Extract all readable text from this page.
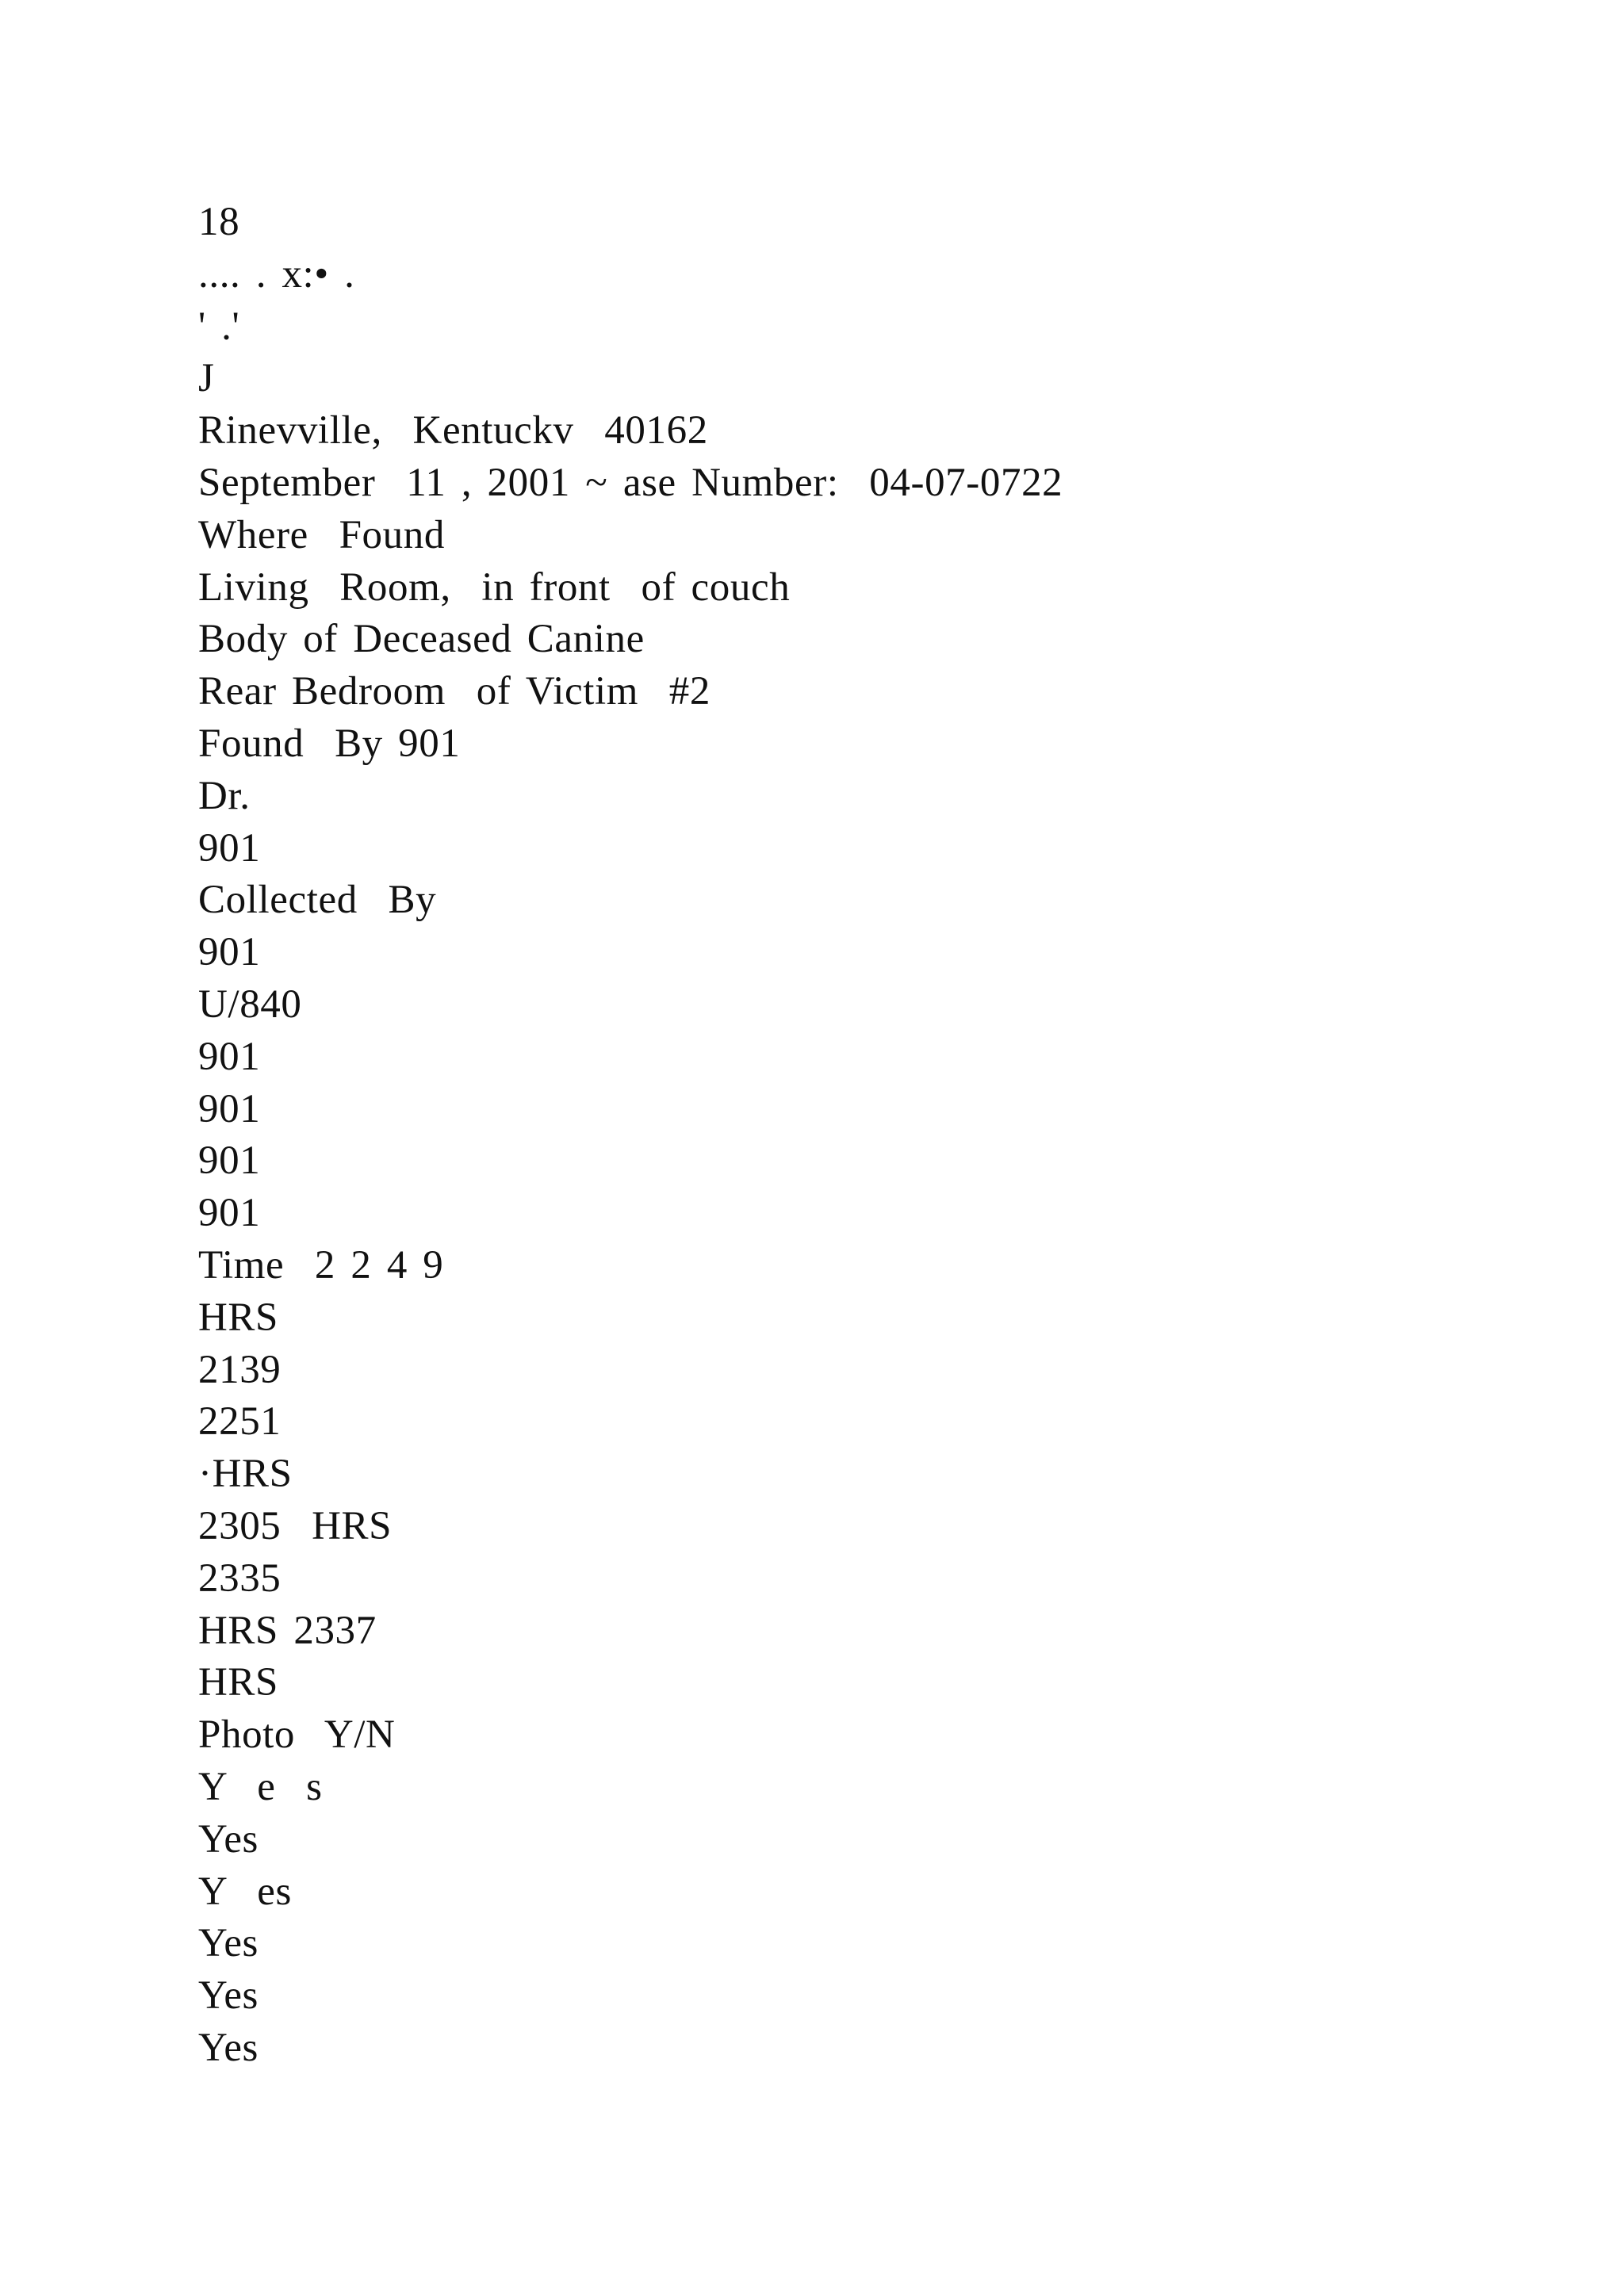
18
.... . x:• .
' .'
J
Rinevville,  Kentuckv  40162
September  11 , 2001 ~ ase Number:  04-07-0722
Where  Found
Living  Room,  in front  of couch
Body of Deceased Canine
Rear Bedroom  of Victim  #2
Found  By 901
Dr.
901
Collected  By
901
U/840
901
901
901
901
Time  2 2 4 9
HRS
2139
2251
·HRS
2305  HRS
2335
HRS 2337
HRS
Photo  Y/N
Y  e  s
Yes
Y  es
Yes
Yes
Yes
